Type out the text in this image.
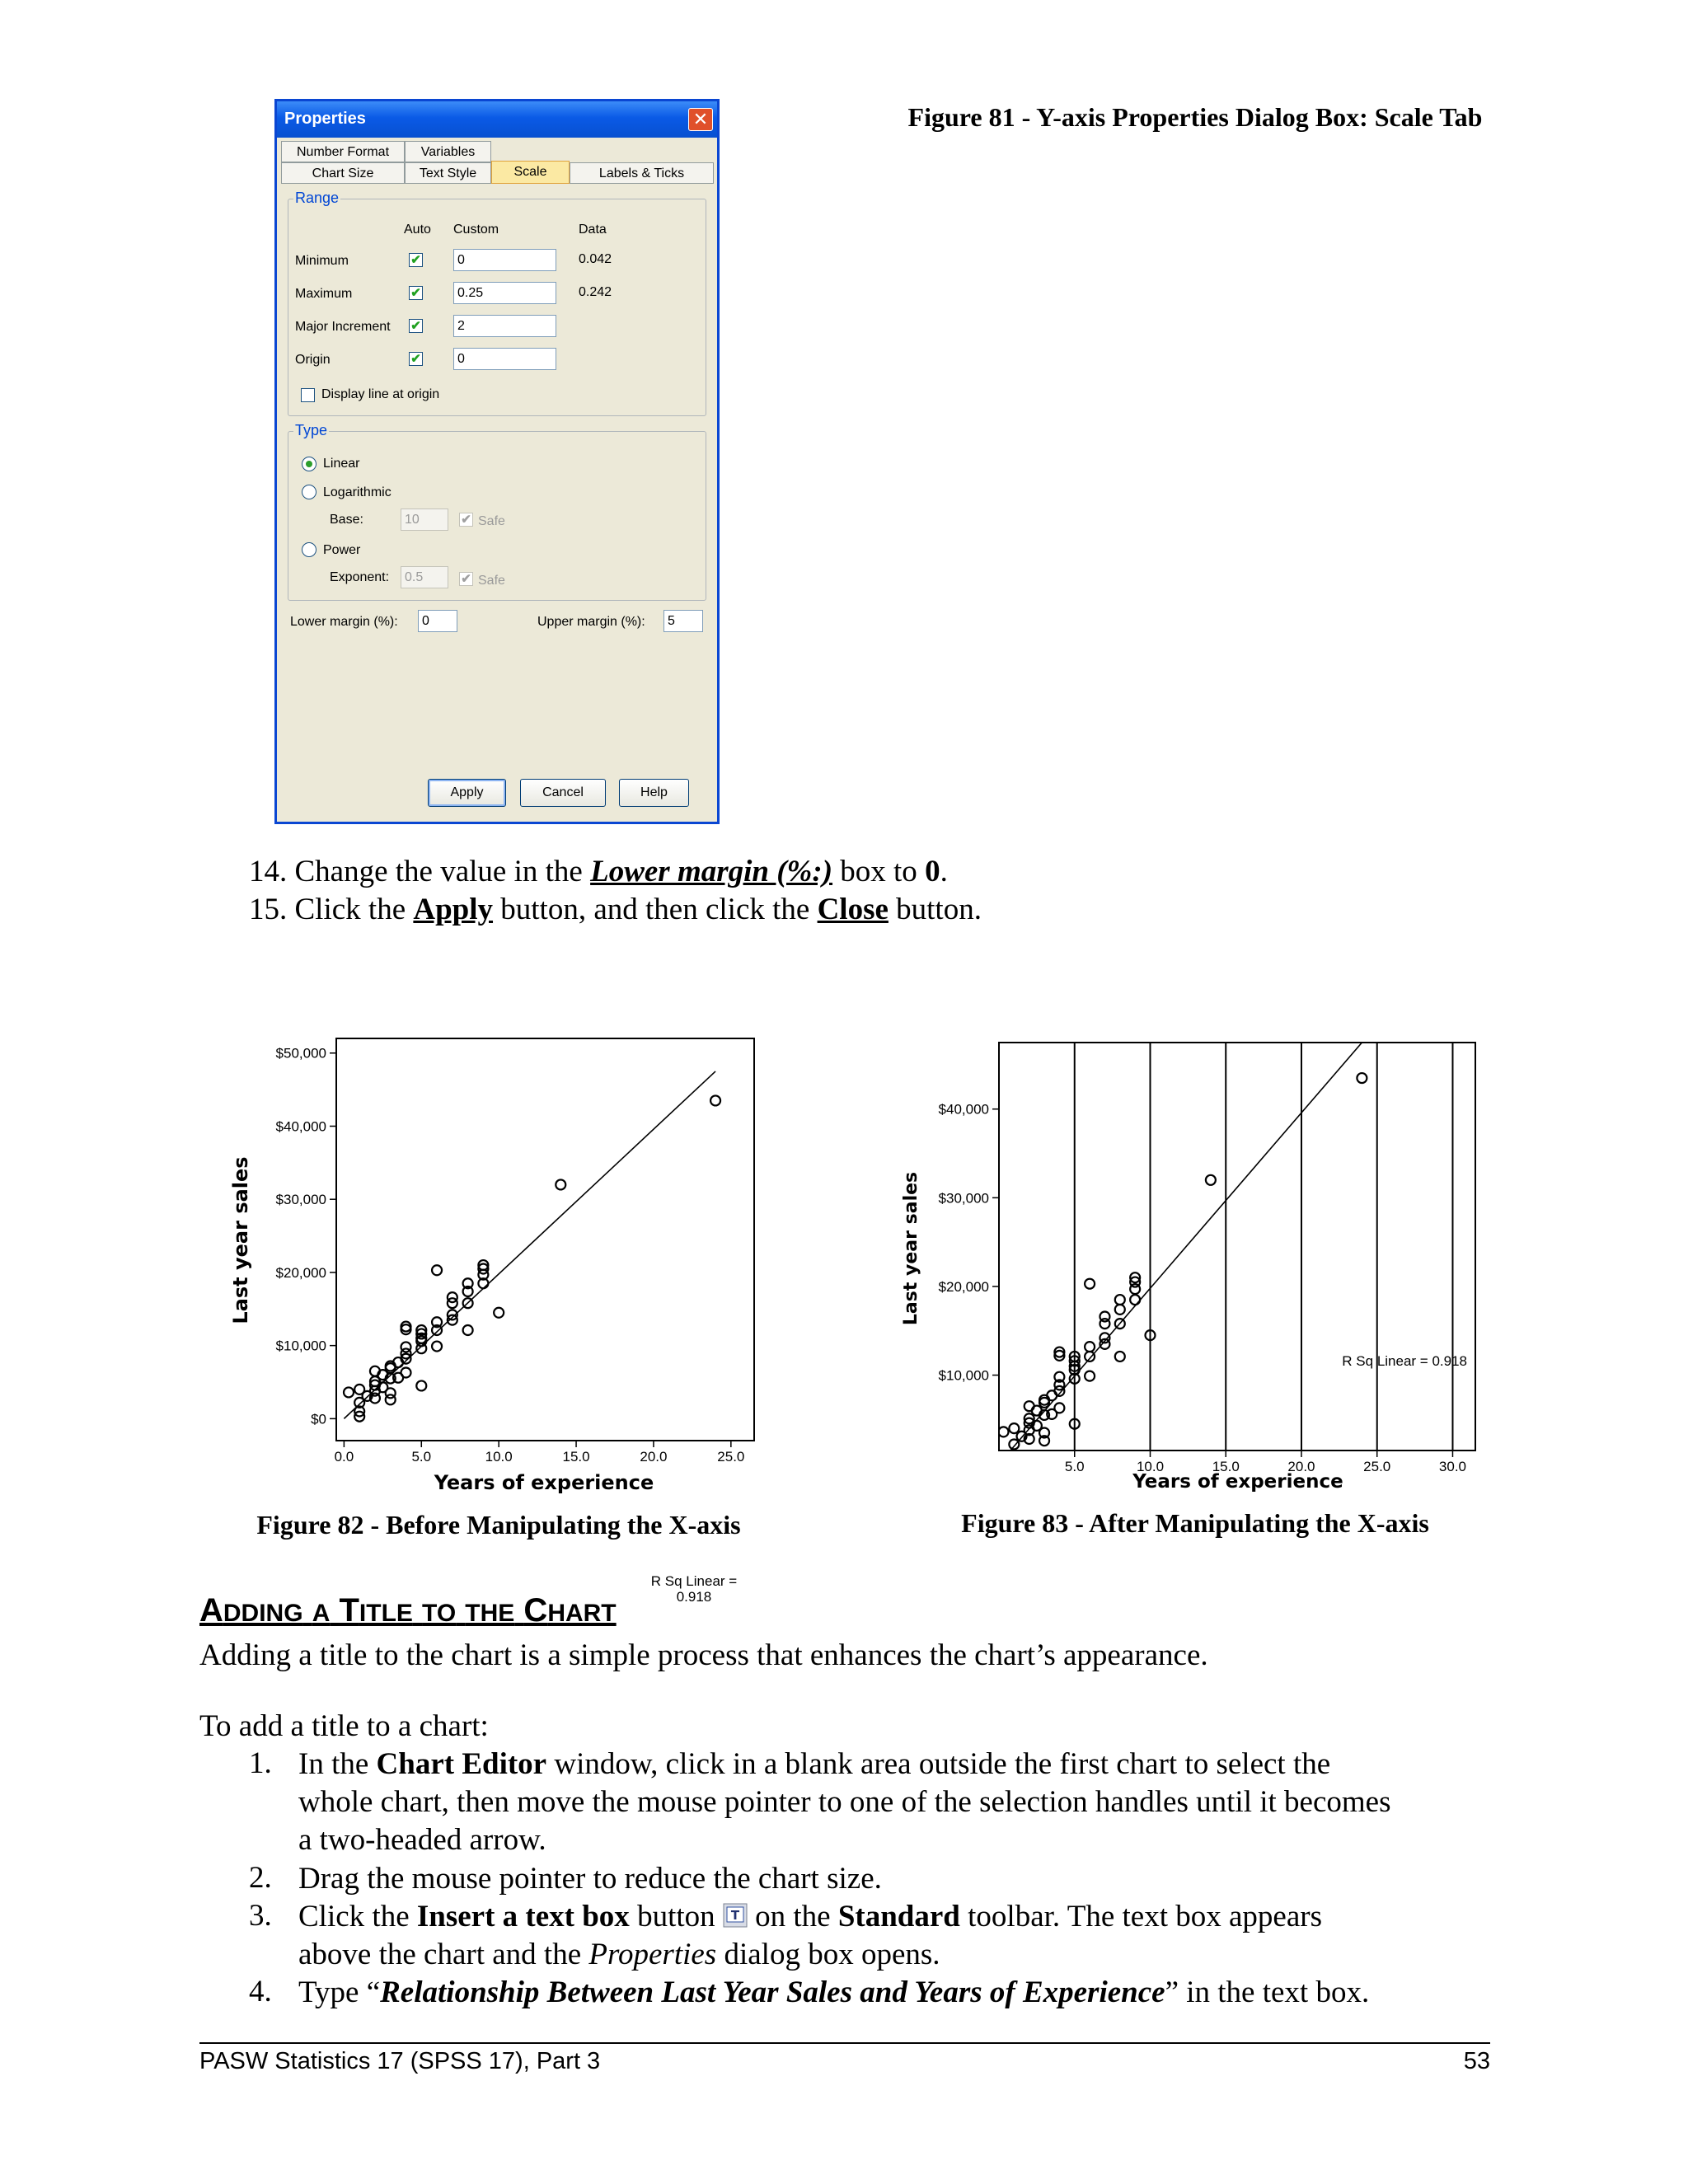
Properties	✕
Number Format	Variables
Chart Size	Text Style	Scale	Labels & Ticks
Range
Auto Custom	Data
Minimum	✔	0	0.042
Maximum	✔	0.25	0.242
Major Increment ✔	2
Origin	✔	0
Display line at origin
Type
Linear
Logarithmic
Base:	10	✔ Safe
Power
Exponent:	0.5	✔ Safe
Lower margin (%):	0	Upper margin (%):	5
Apply	Cancel	Help
Figure 81 - Y-axis Properties Dialog Box: Scale Tab
14. Change the value in the Lower margin (%:) box to 0.
15. Click the Apply button, and then click the Close button.
0.0	5.0	10.0	15.0	20.0	25.0
$0
$10,000
$20,000
$30,000
$40,000
$50,000
Years of experience
Last year sales
R Sq Linear =
0.918
5.0	10.0	15.0	20.0	25.0	30.0
$10,000
$20,000
$30,000
$40,000
Years of experience
Last year sales
R Sq Linear = 0.918
Figure 82 - Before Manipulating the X-axis	Figure 83 - After Manipulating the X-axis
ADDING A TITLE TO THE CHART
Adding a title to the chart is a simple process that enhances the chart’s appearance.
To add a title to a chart:
1. In the Chart Editor window, click in a blank area outside the first chart to select the
whole chart, then move the mouse pointer to one of the selection handles until it becomes
a two-headed arrow.
2. Drag the mouse pointer to reduce the chart size.
3. Click the Insert a text box button T on the Standard toolbar. The text box appears
above the chart and the Properties dialog box opens.
4. Type “Relationship Between Last Year Sales and Years of Experience” in the text box.
PASW Statistics 17 (SPSS 17), Part 3	53
